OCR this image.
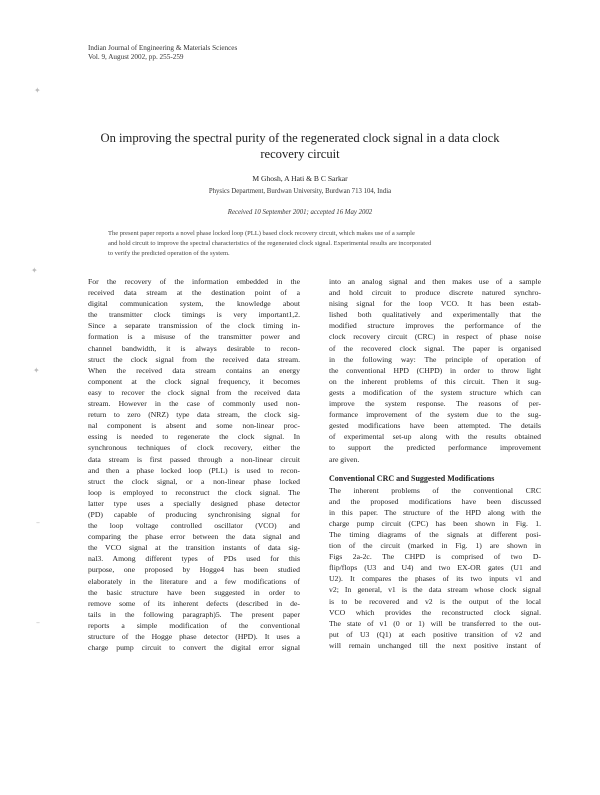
✦
✦
✦
–
–
Indian Journal of Engineering & Materials Sciences
Vol. 9, August 2002, pp. 255-259
On improving the spectral purity of the regenerated clock signal in a data clock
recovery circuit
M Ghosh, A Hati & B C Sarkar
Physics Department, Burdwan University, Burdwan 713 104, India
Received 10 September 2001; accepted 16 May 2002
The present paper reports a novel phase locked loop (PLL) based clock recovery circuit, which makes use of a sample
and hold circuit to improve the spectral characteristics of the regenerated clock signal. Experimental results are incorporated
to verify the predicted operation of the system.
For the recovery of the information embedded in the
received data stream at the destination point of a
digital communication system, the knowledge about
the transmitter clock timings is very important1,2.
Since a separate transmission of the clock timing in-
formation is a misuse of the transmitter power and
channel bandwidth, it is always desirable to recon-
struct the clock signal from the received data stream.
When the received data stream contains an energy
component at the clock signal frequency, it becomes
easy to recover the clock signal from the received data
stream. However in the case of commonly used non-
return to zero (NRZ) type data stream, the clock sig-
nal component is absent and some non-linear proc-
essing is needed to regenerate the clock signal. In
synchronous techniques of clock recovery, either the
data stream is first passed through a non-linear circuit
and then a phase locked loop (PLL) is used to recon-
struct the clock signal, or a non-linear phase locked
loop is employed to reconstruct the clock signal. The
latter type uses a specially designed phase detector
(PD) capable of producing synchronising signal for
the loop voltage controlled oscillator (VCO) and
comparing the phase error between the data signal and
the VCO signal at the transition instants of data sig-
nal3. Among different types of PDs used for this
purpose, one proposed by Hogge4 has been studied
elaborately in the literature and a few modifications of
the basic structure have been suggested in order to
remove some of its inherent defects (described in de-
tails in the following paragraph)5. The present paper
reports a simple modification of the conventional
structure of the Hogge phase detector (HPD). It uses a
charge pump circuit to convert the digital error signal
into an analog signal and then makes use of a sample
and hold circuit to produce discrete natured synchro-
nising signal for the loop VCO. It has been estab-
lished both qualitatively and experimentally that the
modified structure improves the performance of the
clock recovery circuit (CRC) in respect of phase noise
of the recovered clock signal. The paper is organised
in the following way: The principle of operation of
the conventional HPD (CHPD) in order to throw light
on the inherent problems of this circuit. Then it sug-
gests a modification of the system structure which can
improve the system response. The reasons of per-
formance improvement of the system due to the sug-
gested modifications have been attempted. The details
of experimental set-up along with the results obtained
to support the predicted performance improvement
are given.
Conventional CRC and Suggested Modifications
The inherent problems of the conventional CRC
and the proposed modifications have been discussed
in this paper. The structure of the HPD along with the
charge pump circuit (CPC) has been shown in Fig. 1.
The timing diagrams of the signals at different posi-
tion of the circuit (marked in Fig. 1) are shown in
Figs 2a-2c. The CHPD is comprised of two D-
flip/flops (U3 and U4) and two EX-OR gates (U1 and
U2). It compares the phases of its two inputs v1 and
v2; In general, v1 is the data stream whose clock signal
is to be recovered and v2 is the output of the local
VCO which provides the reconstructed clock signal.
The state of v1 (0 or 1) will be transferred to the out-
put of U3 (Q1) at each positive transition of v2 and
will remain unchanged till the next positive instant of
